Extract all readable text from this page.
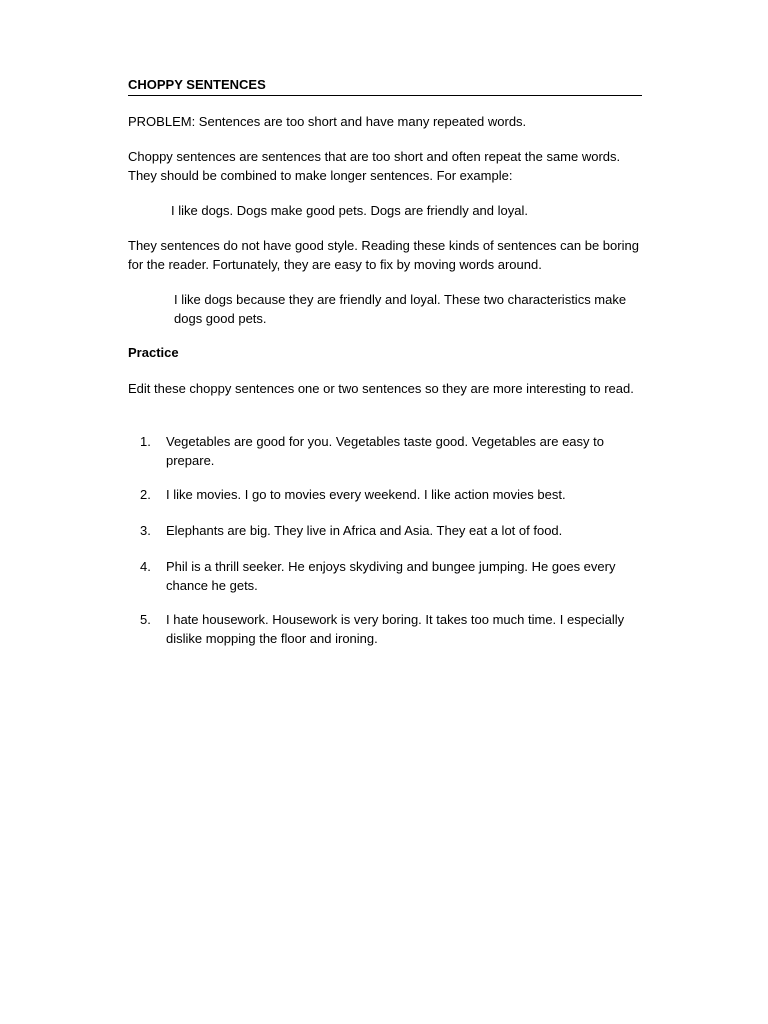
CHOPPY SENTENCES

PROBLEM: Sentences are too short and have many repeated words.

Choppy sentences are sentences that are too short and often repeat the same words. They should be combined to make longer sentences. For example:

I like dogs. Dogs make good pets. Dogs are friendly and loyal.

They sentences do not have good style. Reading these kinds of sentences can be boring for the reader. Fortunately, they are easy to fix by moving words around.

I like dogs because they are friendly and loyal. These two characteristics make dogs good pets.

Practice

Edit these choppy sentences one or two sentences so they are more interesting to read.

1.	Vegetables are good for you. Vegetables taste good. Vegetables are easy to prepare.
2.	I like movies. I go to movies every weekend. I like action movies best.
3.	Elephants are big. They live in Africa and Asia. They eat a lot of food.
4.	Phil is a thrill seeker. He enjoys skydiving and bungee jumping. He goes every chance he gets.
5.	I hate housework. Housework is very boring. It takes too much time. I especially dislike mopping the floor and ironing.
